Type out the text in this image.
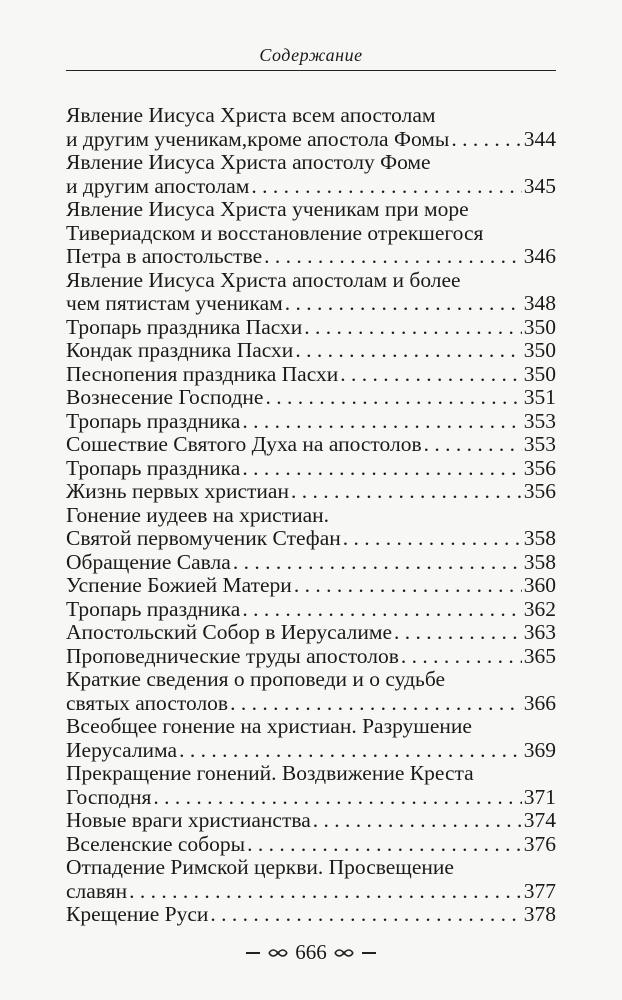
Содержание
Явление Иисуса Христа всем апостолам
и другим ученикам,кроме апостола Фомы . . .	344
Явление Иисуса Христа апостолу Фоме
и другим апостолам . . .	345
Явление Иисуса Христа ученикам при море
Тивериадском и восстановление отрекшегося
Петра в апостольстве . . .	346
Явление Иисуса Христа апостолам и более
чем пятистам ученикам . . .	348
Тропарь праздника Пасхи . . .	350
Кондак праздника Пасхи . . .	350
Песнопения праздника Пасхи . . .	350
Вознесение Господне . . .	351
Тропарь праздника . . .	353
Сошествие Святого Духа на апостолов . . .	353
Тропарь праздника . . .	356
Жизнь первых христиан . . .	356
Гонение иудеев на христиан.
Святой первомученик Стефан . . .	358
Обращение Савла . . .	358
Успение Божией Матери . . .	360
Тропарь праздника . . .	362
Апостольский Собор в Иерусалиме . . .	363
Проповеднические труды апостолов . . .	365
Краткие сведения о проповеди и о судьбе
святых апостолов . . .	366
Всеобщее гонение на христиан. Разрушение
Иерусалима . . .	369
Прекращение гонений. Воздвижение Креста
Господня . . .	371
Новые враги христианства . . .	374
Вселенские соборы . . .	376
Отпадение Римской церкви. Просвещение
славян . . .	377
Крещение Руси . . .	378
666
